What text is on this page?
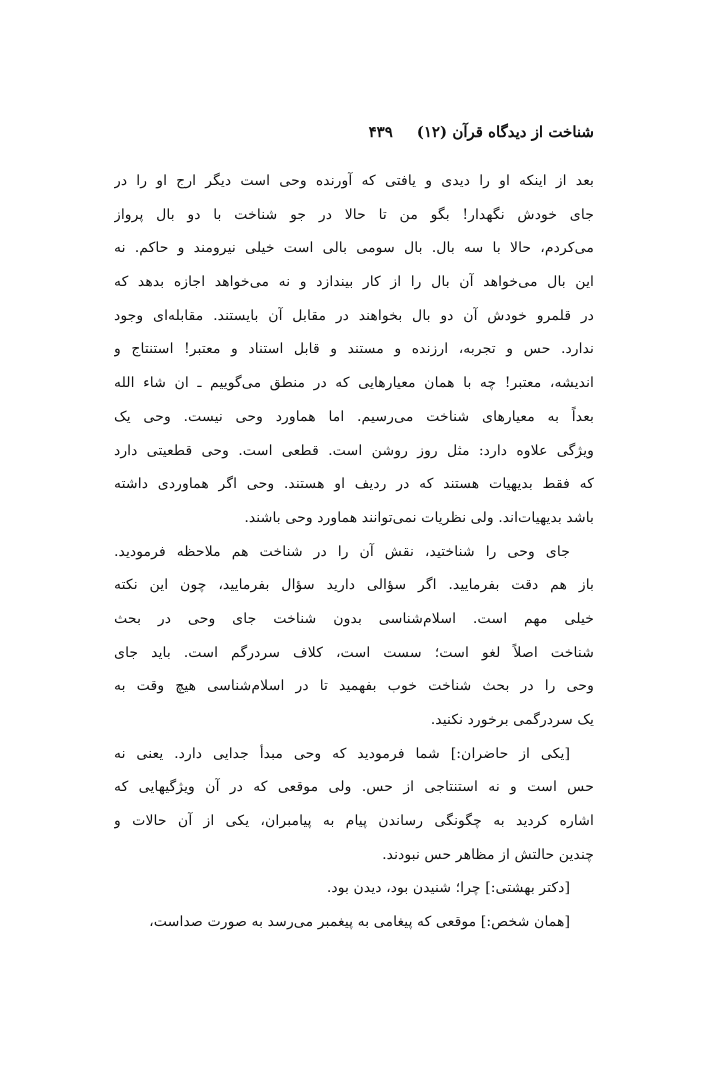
شناخت از دیدگاه قرآن (۱۲)
۴۳۹
بعد از اینکه او را دیدی و یافتی که آورنده وحی است دیگر ارج او را در
جای خودش نگهدار! بگو من تا حالا در جو شناخت با دو بال پرواز
می‌کردم، حالا با سه بال. بال سومی بالی است خیلی نیرومند و حاکم. نه
این بال می‌خواهد آن بال را از کار بیندازد و نه می‌خواهد اجازه بدهد که
در قلمرو خودش آن دو بال بخواهند در مقابل آن بایستند. مقابله‌ای وجود
ندارد. حس و تجربه، ارزنده و مستند و قابل استناد و معتبر! استنتاج و
اندیشه، معتبر! چه با همان معیارهایی که در منطق می‌گوییم ـ ان شاء الله
بعداً به معیارهای شناخت می‌رسیم. اما هماورد وحی نیست. وحی یک
ویژگی علاوه دارد: مثل روز روشن است. قطعی است. وحی قطعیتی دارد
که فقط بدیهیات هستند که در ردیف او هستند. وحی اگر هماوردی داشته
باشد بدیهیات‌اند. ولی نظریات نمی‌توانند هماورد وحی باشند.
جای وحی را شناختید، نقش آن را در شناخت هم ملاحظه فرمودید.
باز هم دقت بفرمایید. اگر سؤالی دارید سؤال بفرمایید، چون این نکته
خیلی مهم است. اسلام‌شناسی بدون شناخت جای وحی در بحث
شناخت اصلاً لغو است؛ سست است، کلاف سردرگم است. باید جای
وحی را در بحث شناخت خوب بفهمید تا در اسلام‌شناسی هیچ وقت به
یک سردرگمی برخورد نکنید.
[یکی از حاضران:] شما فرمودید که وحی مبدأ جدایی دارد. یعنی نه
حس است و نه استنتاجی از حس. ولی موقعی که در آن ویژگیهایی که
اشاره کردید به چگونگی رساندن پیام به پیامبران، یکی از آن حالات و
چندین حالتش از مظاهر حس نبودند.
[دکتر بهشتی:] چرا؛ شنیدن بود، دیدن بود.
[همان شخص:] موقعی که پیغامی به پیغمبر می‌رسد به صورت صداست،
